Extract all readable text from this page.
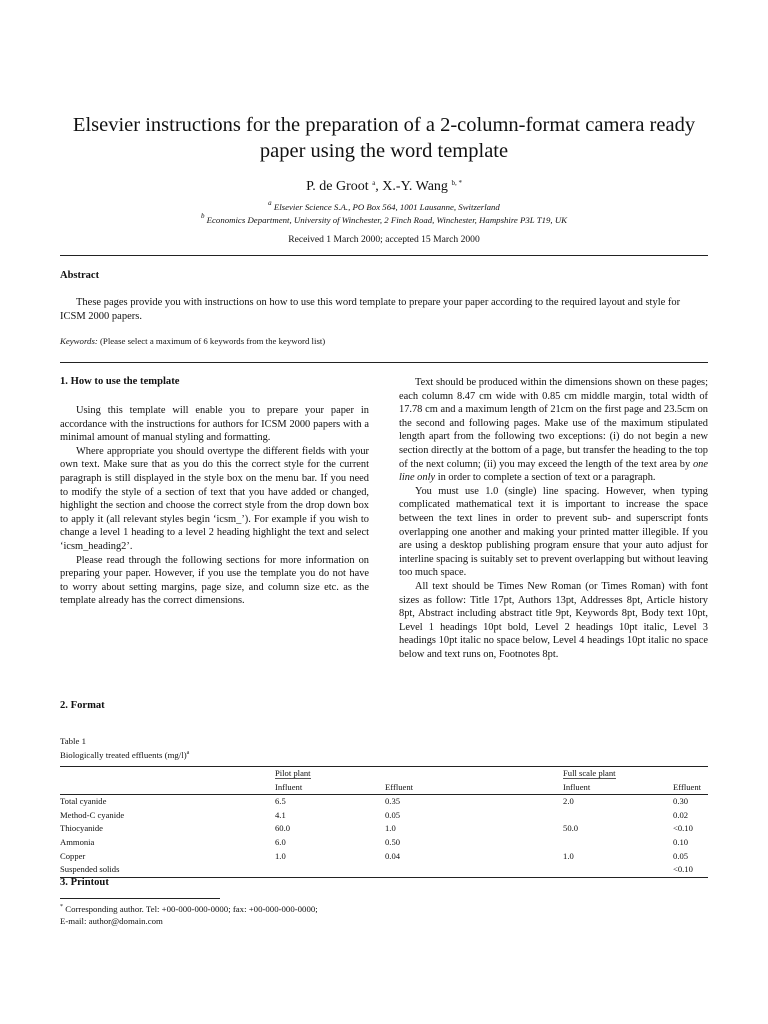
Elsevier instructions for the preparation of a 2-column-format camera ready paper using the word template
P. de Groot $^a$, X.-Y. Wang $^{b, *}$
$^a$ Elsevier Science S.A., PO Box 564, 1001 Lausanne, Switzerland
$^b$ Economics Department, University of Winchester, 2 Finch Road, Winchester, Hampshire P3L T19, UK
Received 1 March 2000; accepted 15 March 2000
Abstract
These pages provide you with instructions on how to use this word template to prepare your paper according to the required layout and style for ICSM 2000 papers.
Keywords: (Please select a maximum of 6 keywords from the keyword list)
1. How to use the template

Using this template will enable you to prepare your paper in accordance with the instructions for authors for ICSM 2000 papers with a minimal amount of manual styling and formatting.

Where appropriate you should overtype the different fields with your own text. Make sure that as you do this the correct style for the current paragraph is still displayed in the style box on the menu bar. If you need to modify the style of a section of text that you have added or changed, highlight the section and choose the correct style from the drop down box to apply it (all relevant styles begin ‘icsm_’). For example if you wish to change a level 1 heading to a level 2 heading highlight the text and select ‘icsm_heading2’.

Please read through the following sections for more information on preparing your paper. However, if you use the template you do not have to worry about setting margins, page size, and column size etc. as the template already has the correct dimensions.

2. Format

Text should be produced within the dimensions shown on these pages; each column 8.47 cm wide with 0.85 cm middle margin, total width of 17.78 cm and a maximum length of 21cm on the first page and 23.5cm on the second and following pages. Make use of the maximum stipulated length apart from the following two exceptions: (i) do not begin a new section directly at the bottom of a page, but transfer the heading to the top of the next column; (ii) you may exceed the length of the text area by one line only in order to complete a section of text or a paragraph.

You must use 1.0 (single) line spacing. However, when typing complicated mathematical text it is important to increase the space between the text lines in order to prevent sub- and superscript fonts overlapping one another and making your printed matter illegible. If you are using a desktop publishing program ensure that your auto adjust for interline spacing is suitably set to prevent overlapping but without leaving too much space.

All text should be Times New Roman (or Times Roman) with font sizes as follow: Title 17pt, Authors 13pt, Addresses 8pt, Article history 8pt, Abstract including abstract title 9pt, Keywords 8pt, Body text 10pt, Level 1 headings 10pt bold, Level 2 headings 10pt italic, Level 3 headings 10pt italic no space below, Level 4 headings 10pt italic no space below and text runs on, Footnotes 8pt.

Table 1
Biologically treated effluents $(mg/l)^a$
	Pilot plant		Full scale plant	
	Influent	Effluent	Influent	Effluent
Total cyanide	6.5	0.35	2.0	0.30
Method-C cyanide	4.1	0.05		0.02
Thiocyanide	60.0	1.0	50.0	<0.10
Ammonia	6.0	0.50		0.10
Copper	1.0	0.04	1.0	0.05
Suspended solids				<0.10
3. Printout
* Corresponding author. Tel: +00-000-000-0000; fax: +00-000-000-0000;
E-mail: author@domain.com
